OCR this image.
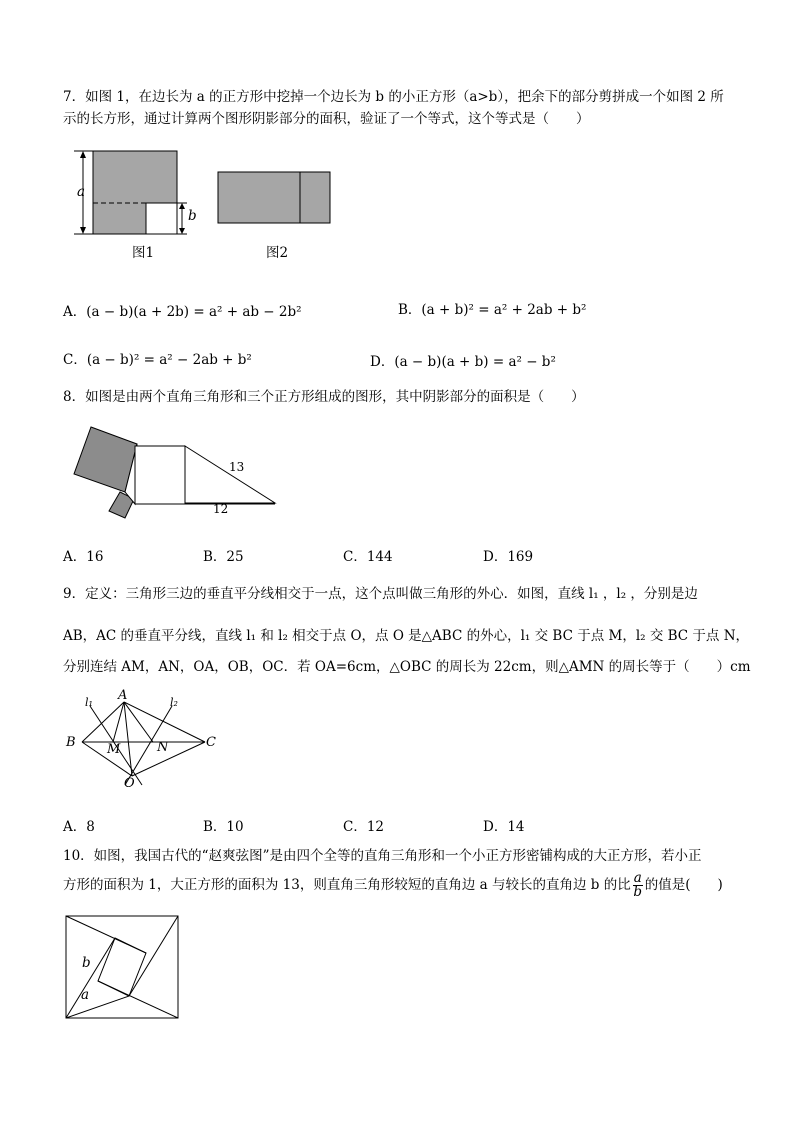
7．如图 1，在边长为 a 的正方形中挖掉一个边长为 b 的小正方形（a>b），把余下的部分剪拼成一个如图 2 所
示的长方形，通过计算两个图形阴影部分的面积，验证了一个等式，这个等式是（　　）
a
b
图1	图2
A．(a − b)(a + 2b) = a² + ab − 2b²	B．(a + b)² = a² + 2ab + b²
C．(a − b)² = a² − 2ab + b²	D．(a − b)(a + b) = a² − b²
8．如图是由两个直角三角形和三个正方形组成的图形，其中阴影部分的面积是（　　）
13
12
A．16	B．25	C．144	D．169
9．定义：三角形三边的垂直平分线相交于一点，这个点叫做三角形的外心．如图，直线 l₁ ，l₂ ，分别是边
AB，AC 的垂直平分线，直线 l₁ 和 l₂ 相交于点 O，点 O 是△ABC 的外心，l₁ 交 BC 于点 M，l₂ 交 BC 于点 N，
分别连结 AM，AN，OA，OB，OC．若 OA=6cm，△OBC 的周长为 22cm，则△AMN 的周长等于（　　）cm
A
B	C
M	N
O
l₁	l₂
A．8	B．10	C．12	D．14
10．如图，我国古代的“赵爽弦图”是由四个全等的直角三角形和一个小正方形密铺构成的大正方形，若小正
方形的面积为 1，大正方形的面积为 13，则直角三角形较短的直角边 a 与较长的直角边 b 的比 $\frac{a}{b}$ 的值是(　　)
b
a
